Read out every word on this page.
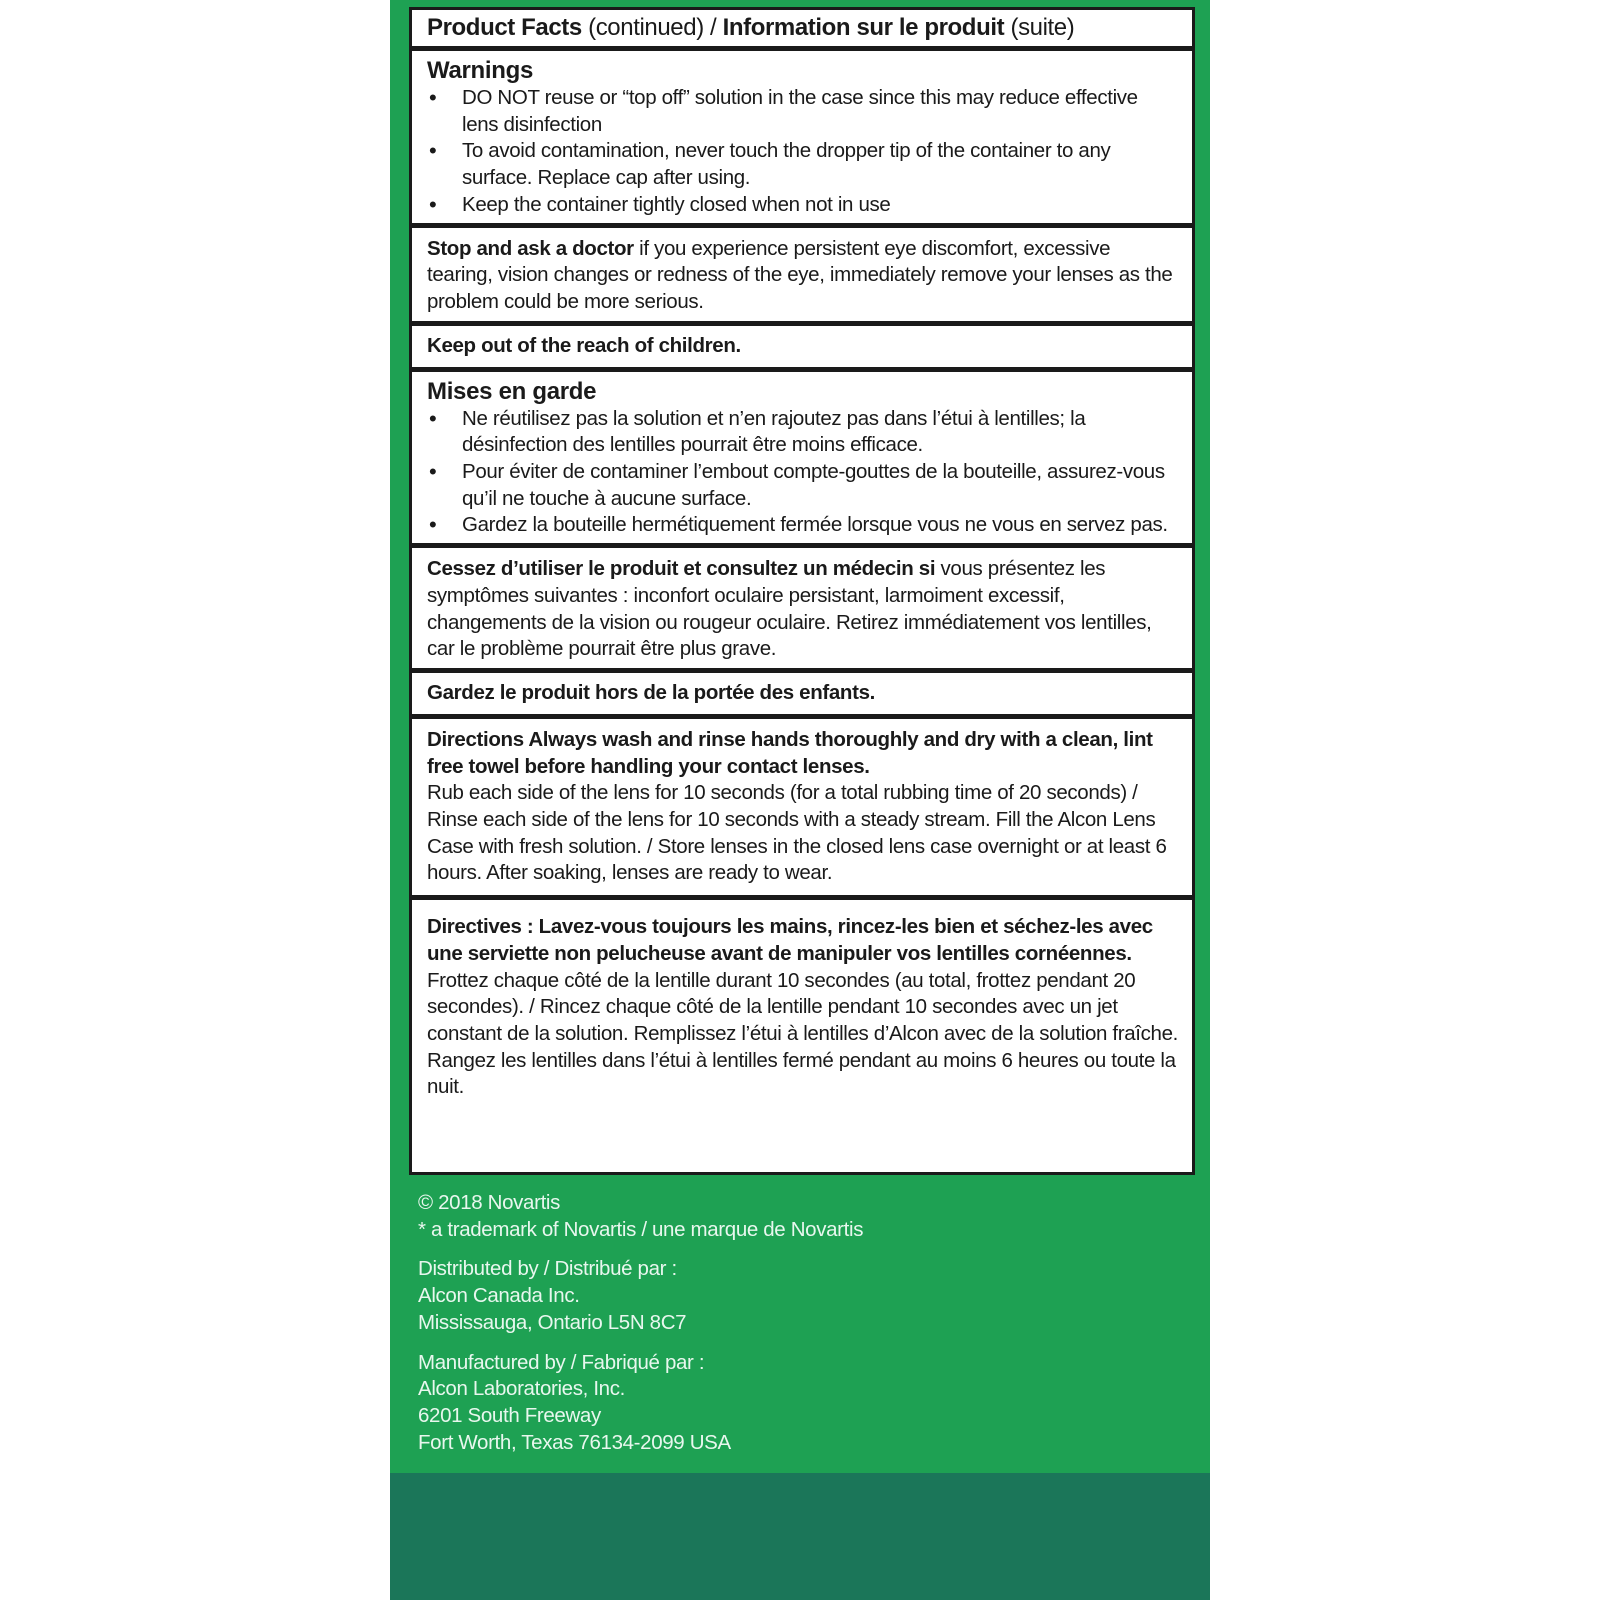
Product Facts (continued) / Information sur le produit (suite)
Warnings
• DO NOT reuse or “top off” solution in the case since this may reduce effective lens disinfection
• To avoid contamination, never touch the dropper tip of the container to any surface. Replace cap after using.
• Keep the container tightly closed when not in use
Stop and ask a doctor if you experience persistent eye discomfort, excessive tearing, vision changes or redness of the eye, immediately remove your lenses as the problem could be more serious.
Keep out of the reach of children.
Mises en garde
• Ne réutilisez pas la solution et n’en rajoutez pas dans l’étui à lentilles; la désinfection des lentilles pourrait être moins efficace.
• Pour éviter de contaminer l’embout compte-gouttes de la bouteille, assurez-vous qu’il ne touche à aucune surface.
• Gardez la bouteille hermétiquement fermée lorsque vous ne vous en servez pas.
Cessez d’utiliser le produit et consultez un médecin si vous présentez les symptômes suivantes : inconfort oculaire persistant, larmoiment excessif, changements de la vision ou rougeur oculaire. Retirez immédiatement vos lentilles, car le problème pourrait être plus grave.
Gardez le produit hors de la portée des enfants.
Directions Always wash and rinse hands thoroughly and dry with a clean, lint free towel before handling your contact lenses.
Rub each side of the lens for 10 seconds (for a total rubbing time of 20 seconds) / Rinse each side of the lens for 10 seconds with a steady stream. Fill the Alcon Lens Case with fresh solution. / Store lenses in the closed lens case overnight or at least 6 hours. After soaking, lenses are ready to wear.
Directives : Lavez-vous toujours les mains, rincez-les bien et séchez-les avec une serviette non pelucheuse avant de manipuler vos lentilles cornéennes.
Frottez chaque côté de la lentille durant 10 secondes (au total, frottez pendant 20 secondes). / Rincez chaque côté de la lentille pendant 10 secondes avec un jet constant de la solution. Remplissez l’étui à lentilles d’Alcon avec de la solution fraîche. Rangez les lentilles dans l’étui à lentilles fermé pendant au moins 6 heures ou toute la nuit.
© 2018 Novartis
* a trademark of Novartis / une marque de Novartis
Distributed by / Distribué par :
Alcon Canada Inc.
Mississauga, Ontario L5N 8C7
Manufactured by / Fabriqué par :
Alcon Laboratories, Inc.
6201 South Freeway
Fort Worth, Texas 76134-2099 USA
